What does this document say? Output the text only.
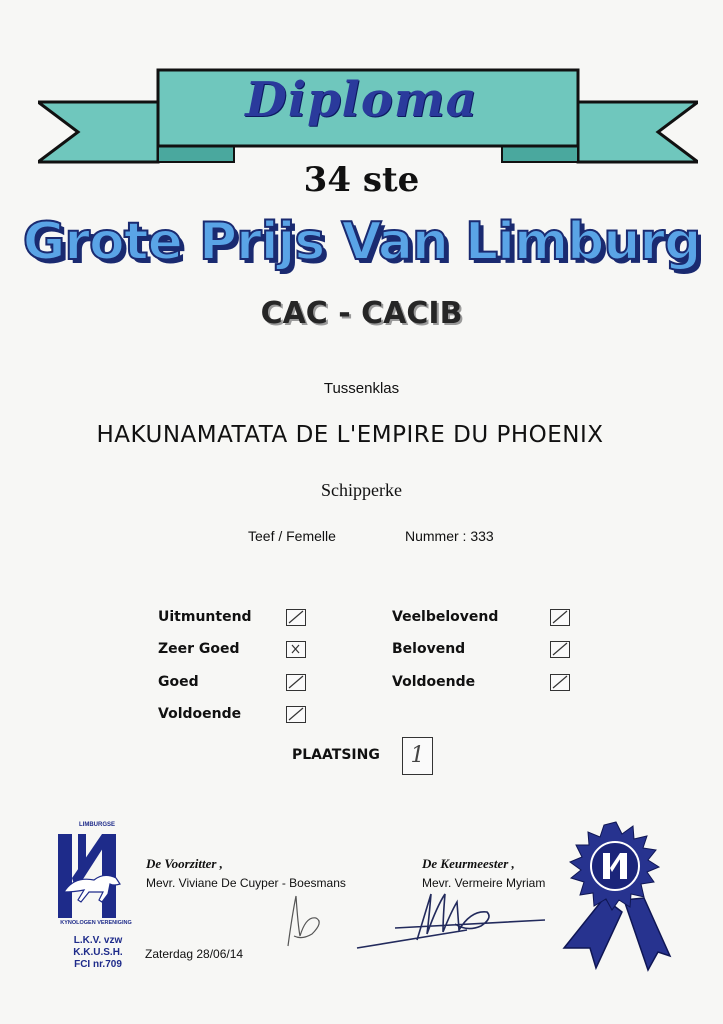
Diploma
34 ste
Grote Prijs Van Limburg
CAC - CACIB
Tussenklas
HAKUNAMATATA DE L'EMPIRE DU PHOENIX
Schipperke
Teef / Femelle	Nummer : 333
Uitmuntend
Zeer Goed
Goed
Voldoende
Veelbelovend
Belovend
Voldoende
PLAATSING	1
LIMBURGSE
KYNOLOGEN VERENIGING
L.K.V. vzw
K.K.U.S.H.
FCI nr.709
De Voorzitter ,
Mevr. Viviane De Cuyper - Boesmans
De Keurmeester ,
Mevr. Vermeire Myriam
Zaterdag 28/06/14
